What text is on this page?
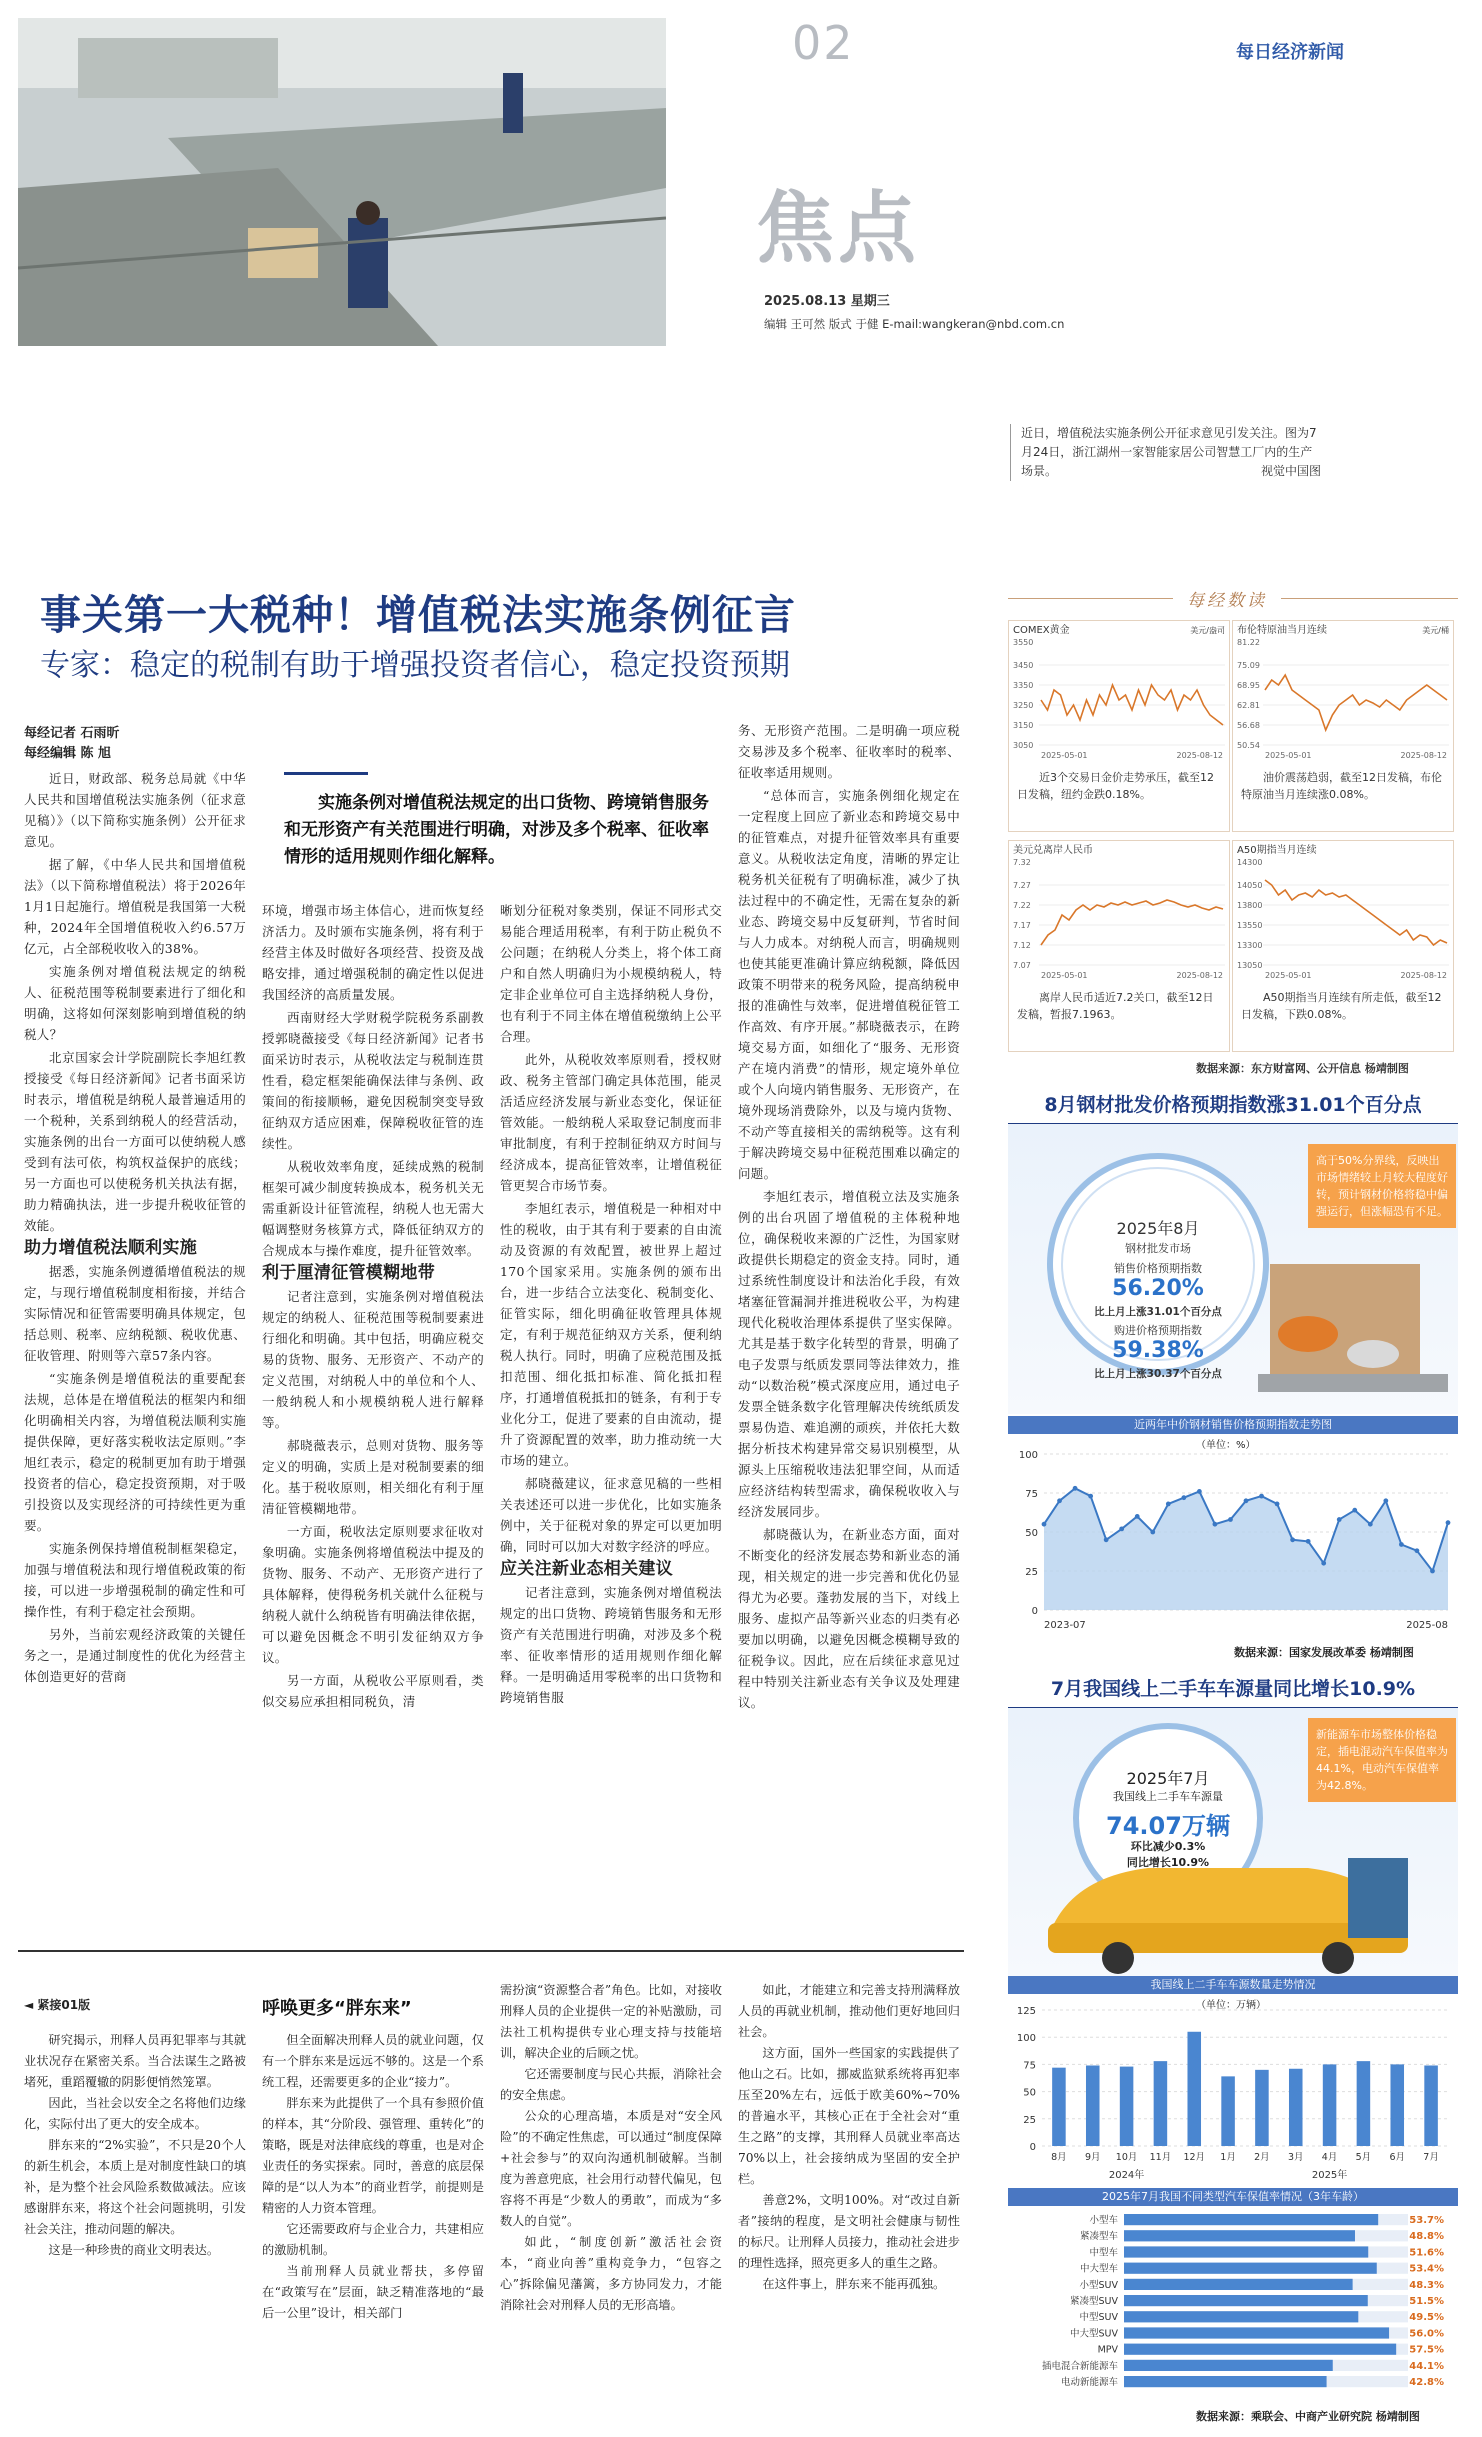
02	每日经济新闻
焦点
2025.08.13 星期三
编辑 王可然 版式 于健 E-mail:wangkeran@nbd.com.cn
近日，增值税法实施条例公开征求意见引发关注。图为7月24日，浙江湖州一家智能家居公司智慧工厂内的生产场景。	视觉中国图
事关第一大税种！增值税法实施条例征言
专家：稳定的税制有助于增强投资者信心，稳定投资预期
每经记者 石雨昕
每经编辑 陈 旭
实施条例对增值税法规定的出口货物、跨境销售服务和无形资产有关范围进行明确，对涉及多个税率、征收率情形的适用规则作细化解释。

近日，财政部、税务总局就《中华人民共和国增值税法实施条例（征求意见稿）》（以下简称实施条例）公开征求意见。

据了解，《中华人民共和国增值税法》（以下简称增值税法）将于2026年1月1日起施行。增值税是我国第一大税种，2024年全国增值税收入约6.57万亿元，占全部税收收入的38%。

实施条例对增值税法规定的纳税人、征税范围等税制要素进行了细化和明确，这将如何深刻影响到增值税的纳税人？

北京国家会计学院副院长李旭红教授接受《每日经济新闻》记者书面采访时表示，增值税是纳税人最普遍适用的一个税种，关系到纳税人的经营活动，实施条例的出台一方面可以使纳税人感受到有法可依，构筑权益保护的底线；另一方面也可以使税务机关执法有据，助力精确执法，进一步提升税收征管的效能。

助力增值税法顺利实施

据悉，实施条例遵循增值税法的规定，与现行增值税制度相衔接，并结合实际情况和征管需要明确具体规定，包括总则、税率、应纳税额、税收优惠、征收管理、附则等六章57条内容。

“实施条例是增值税法的重要配套法规，总体是在增值税法的框架内和细化明确相关内容，为增值税法顺利实施提供保障，更好落实税收法定原则。”李旭红表示，稳定的税制更加有助于增强投资者的信心，稳定投资预期，对于吸引投资以及实现经济的可持续性更为重要。

实施条例保持增值税制框架稳定，加强与增值税法和现行增值税政策的衔接，可以进一步增强税制的确定性和可操作性，有利于稳定社会预期。

另外，当前宏观经济政策的关键任务之一，是通过制度性的优化为经营主体创造更好的营商

环境，增强市场主体信心，进而恢复经济活力。及时颁布实施条例，将有利于经营主体及时做好各项经营、投资及战略安排，通过增强税制的确定性以促进我国经济的高质量发展。

西南财经大学财税学院税务系副教授郭晓薇接受《每日经济新闻》记者书面采访时表示，从税收法定与税制连贯性看，稳定框架能确保法律与条例、政策间的衔接顺畅，避免因税制突变导致征纳双方适应困难，保障税收征管的连续性。

从税收效率角度，延续成熟的税制框架可减少制度转换成本，税务机关无需重新设计征管流程，纳税人也无需大幅调整财务核算方式，降低征纳双方的合规成本与操作难度，提升征管效率。

利于厘清征管模糊地带

记者注意到，实施条例对增值税法规定的纳税人、征税范围等税制要素进行细化和明确。其中包括，明确应税交易的货物、服务、无形资产、不动产的定义范围，对纳税人中的单位和个人、一般纳税人和小规模纳税人进行解释等。

郝晓薇表示，总则对货物、服务等定义的明确，实质上是对税制要素的细化。基于税收原则，相关细化有利于厘清征管模糊地带。

一方面，税收法定原则要求征收对象明确。实施条例将增值税法中提及的货物、服务、不动产、无形资产进行了具体解释，使得税务机关就什么征税与纳税人就什么纳税皆有明确法律依据，可以避免因概念不明引发征纳双方争议。

另一方面，从税收公平原则看，类似交易应承担相同税负，清

晰划分征税对象类别，保证不同形式交易能合理适用税率，有利于防止税负不公问题；在纳税人分类上，将个体工商户和自然人明确归为小规模纳税人，特定非企业单位可自主选择纳税人身份，也有利于不同主体在增值税缴纳上公平合理。

此外，从税收效率原则看，授权财政、税务主管部门确定具体范围，能灵活适应经济发展与新业态变化，保证征管效能。一般纳税人采取登记制度而非审批制度，有利于控制征纳双方时间与经济成本，提高征管效率，让增值税征管更契合市场节奏。

李旭红表示，增值税是一种相对中性的税收，由于其有利于要素的自由流动及资源的有效配置，被世界上超过170个国家采用。实施条例的颁布出台，进一步结合立法变化、税制变化、征管实际，细化明确征收管理具体规定，有利于规范征纳双方关系，便利纳税人执行。同时，明确了应税范围及抵扣范围、细化抵扣标准、简化抵扣程序，打通增值税抵扣的链条，有利于专业化分工，促进了要素的自由流动，提升了资源配置的效率，助力推动统一大市场的建立。

郝晓薇建议，征求意见稿的一些相关表述还可以进一步优化，比如实施条例中，关于征税对象的界定可以更加明确，同时可以加大对数字经济的呼应。

应关注新业态相关建议

记者注意到，实施条例对增值税法规定的出口货物、跨境销售服务和无形资产有关范围进行明确，对涉及多个税率、征收率情形的适用规则作细化解释。一是明确适用零税率的出口货物和跨境销售服

务、无形资产范围。二是明确一项应税交易涉及多个税率、征收率时的税率、征收率适用规则。

“总体而言，实施条例细化规定在一定程度上回应了新业态和跨境交易中的征管难点，对提升征管效率具有重要意义。从税收法定角度，清晰的界定让税务机关征税有了明确标准，减少了执法过程中的不确定性，无需在复杂的新业态、跨境交易中反复研判，节省时间与人力成本。对纳税人而言，明确规则也使其能更准确计算应纳税额，降低因政策不明带来的税务风险，提高纳税申报的准确性与效率，促进增值税征管工作高效、有序开展。”郝晓薇表示，在跨境交易方面，如细化了“服务、无形资产在境内消费”的情形，规定境外单位或个人向境内销售服务、无形资产，在境外现场消费除外，以及与境内货物、不动产等直接相关的需纳税等。这有利于解决跨境交易中征税范围难以确定的问题。

李旭红表示，增值税立法及实施条例的出台巩固了增值税的主体税种地位，确保税收来源的广泛性，为国家财政提供长期稳定的资金支持。同时，通过系统性制度设计和法治化手段，有效堵塞征管漏洞并推进税收公平，为构建现代化税收治理体系提供了坚实保障。尤其是基于数字化转型的背景，明确了电子发票与纸质发票同等法律效力，推动“以数治税”模式深度应用，通过电子发票全链条数字化管理解决传统纸质发票易伪造、难追溯的顽疾，并依托大数据分析技术构建异常交易识别模型，从源头上压缩税收违法犯罪空间，从而适应经济结构转型需求，确保税收收入与经济发展同步。

郝晓薇认为，在新业态方面，面对不断变化的经济发展态势和新业态的涌现，相关规定的进一步完善和优化仍显得尤为必要。蓬勃发展的当下，对线上服务、虚拟产品等新兴业态的归类有必要加以明确，以避免因概念模糊导致的征税争议。因此，应在后续征求意见过程中特别关注新业态有关争议及处理建议。

◄ 紧接01版	呼唤更多“胖东来”

研究揭示，刑释人员再犯罪率与其就业状况存在紧密关系。当合法谋生之路被堵死，重蹈覆辙的阴影便悄然笼罩。

因此，当社会以安全之名将他们边缘化，实际付出了更大的安全成本。

胖东来的“2%实验”，不只是20个人的新生机会，本质上是对制度性缺口的填补，是为整个社会风险系数做减法。应该感谢胖东来，将这个社会问题挑明，引发社会关注，推动问题的解决。

这是一种珍贵的商业文明表达。

但全面解决刑释人员的就业问题，仅有一个胖东来是远远不够的。这是一个系统工程，还需要更多的企业“接力”。

胖东来为此提供了一个具有参照价值的样本，其“分阶段、强管理、重转化”的策略，既是对法律底线的尊重，也是对企业责任的务实探索。同时，善意的底层保障的是“以人为本”的商业哲学，前提则是精密的人力资本管理。

它还需要政府与企业合力，共建相应的激励机制。

当前刑释人员就业帮扶，多停留在“政策写在”层面，缺乏精准落地的“最后一公里”设计，相关部门

需扮演“资源整合者”角色。比如，对接收刑释人员的企业提供一定的补贴激励，司法社工机构提供专业心理支持与技能培训，解决企业的后顾之忧。

它还需要制度与民心共振，消除社会的安全焦虑。

公众的心理高墙，本质是对“安全风险”的不确定性焦虑，可以通过“制度保障+社会参与”的双向沟通机制破解。当制度为善意兜底，社会用行动替代偏见，包容将不再是“少数人的勇敢”，而成为“多数人的自觉”。

如此，“制度创新”激活社会资本，“商业向善”重构竞争力，“包容之心”拆除偏见藩篱，多方协同发力，才能消除社会对刑释人员的无形高墙。

如此，才能建立和完善支持刑满释放人员的再就业机制，推动他们更好地回归社会。

这方面，国外一些国家的实践提供了他山之石。比如，挪威监狱系统将再犯率压至20%左右，远低于欧美60%~70%的普遍水平，其核心正在于全社会对“重生之路”的支撑，其刑释人员就业率高达70%以上，社会接纳成为坚固的安全护栏。

善意2%，文明100%。对“改过自新者”接纳的程度，是文明社会健康与韧性的标尺。让刑释人员接力，推动社会进步的理性选择，照亮更多人的重生之路。

在这件事上，胖东来不能再孤独。

每经数读
COMEX黄金	美元/盎司
3550
3450
3350
3250
3150
3050
2025-05-01	2025-08-12
近3个交易日金价走势承压，截至12日发稿，纽约金跌0.18%。
布伦特原油当月连续	美元/桶
81.22
75.09
68.95
62.81
56.68
50.54
2025-05-01	2025-08-12
油价震荡趋弱，截至12日发稿，布伦特原油当月连续涨0.08%。
美元兑离岸人民币
7.32
7.27
7.22
7.17
7.12
7.07
2025-05-01	2025-08-12
离岸人民币适近7.2关口，截至12日发稿，暂报7.1963。
A50期指当月连续
14300
14050
13800
13550
13300
13050
2025-05-01	2025-08-12
A50期指当月连续有所走低，截至12日发稿，下跌0.08%。
数据来源：东方财富网、公开信息 杨靖制图
8月钢材批发价格预期指数涨31.01个百分点
高于50%分界线，反映出市场情绪较上月较大程度好转，预计钢材价格将稳中偏强运行，但涨幅恐有不足。
2025年8月
钢材批发市场
销售价格预期指数
56.20%
比上月上涨31.01个百分点
购进价格预期指数
59.38%
比上月上涨30.37个百分点
近两年中价钢材销售价格预期指数走势图
（单位：%）
100
75
50
25
0
2023-07	2025-08
数据来源：国家发展改革委 杨靖制图
7月我国线上二手车车源量同比增长10.9%
新能源车市场整体价格稳定，插电混动汽车保值率为44.1%，电动汽车保值率为42.8%。
2025年7月
我国线上二手车车源量
74.07万辆
环比减少0.3%
同比增长10.9%
我国线上二手车车源数量走势情况
（单位：万辆）
125
100
75
50
25
0
8月 9月 10月 11月 12月 1月 2月 3月 4月 5月 6月 7月
2024年	2025年
2025年7月我国不同类型汽车保值率情况（3年车龄）
小型车	53.7%
紧凑型车	48.8%
中型车	51.6%
中大型车	53.4%
小型SUV	48.3%
紧凑型SUV	51.5%
中型SUV	49.5%
中大型SUV	56.0%
MPV	57.5%
插电混合新能源车	44.1%
电动新能源车	42.8%
数据来源：乘联会、中商产业研究院 杨靖制图
